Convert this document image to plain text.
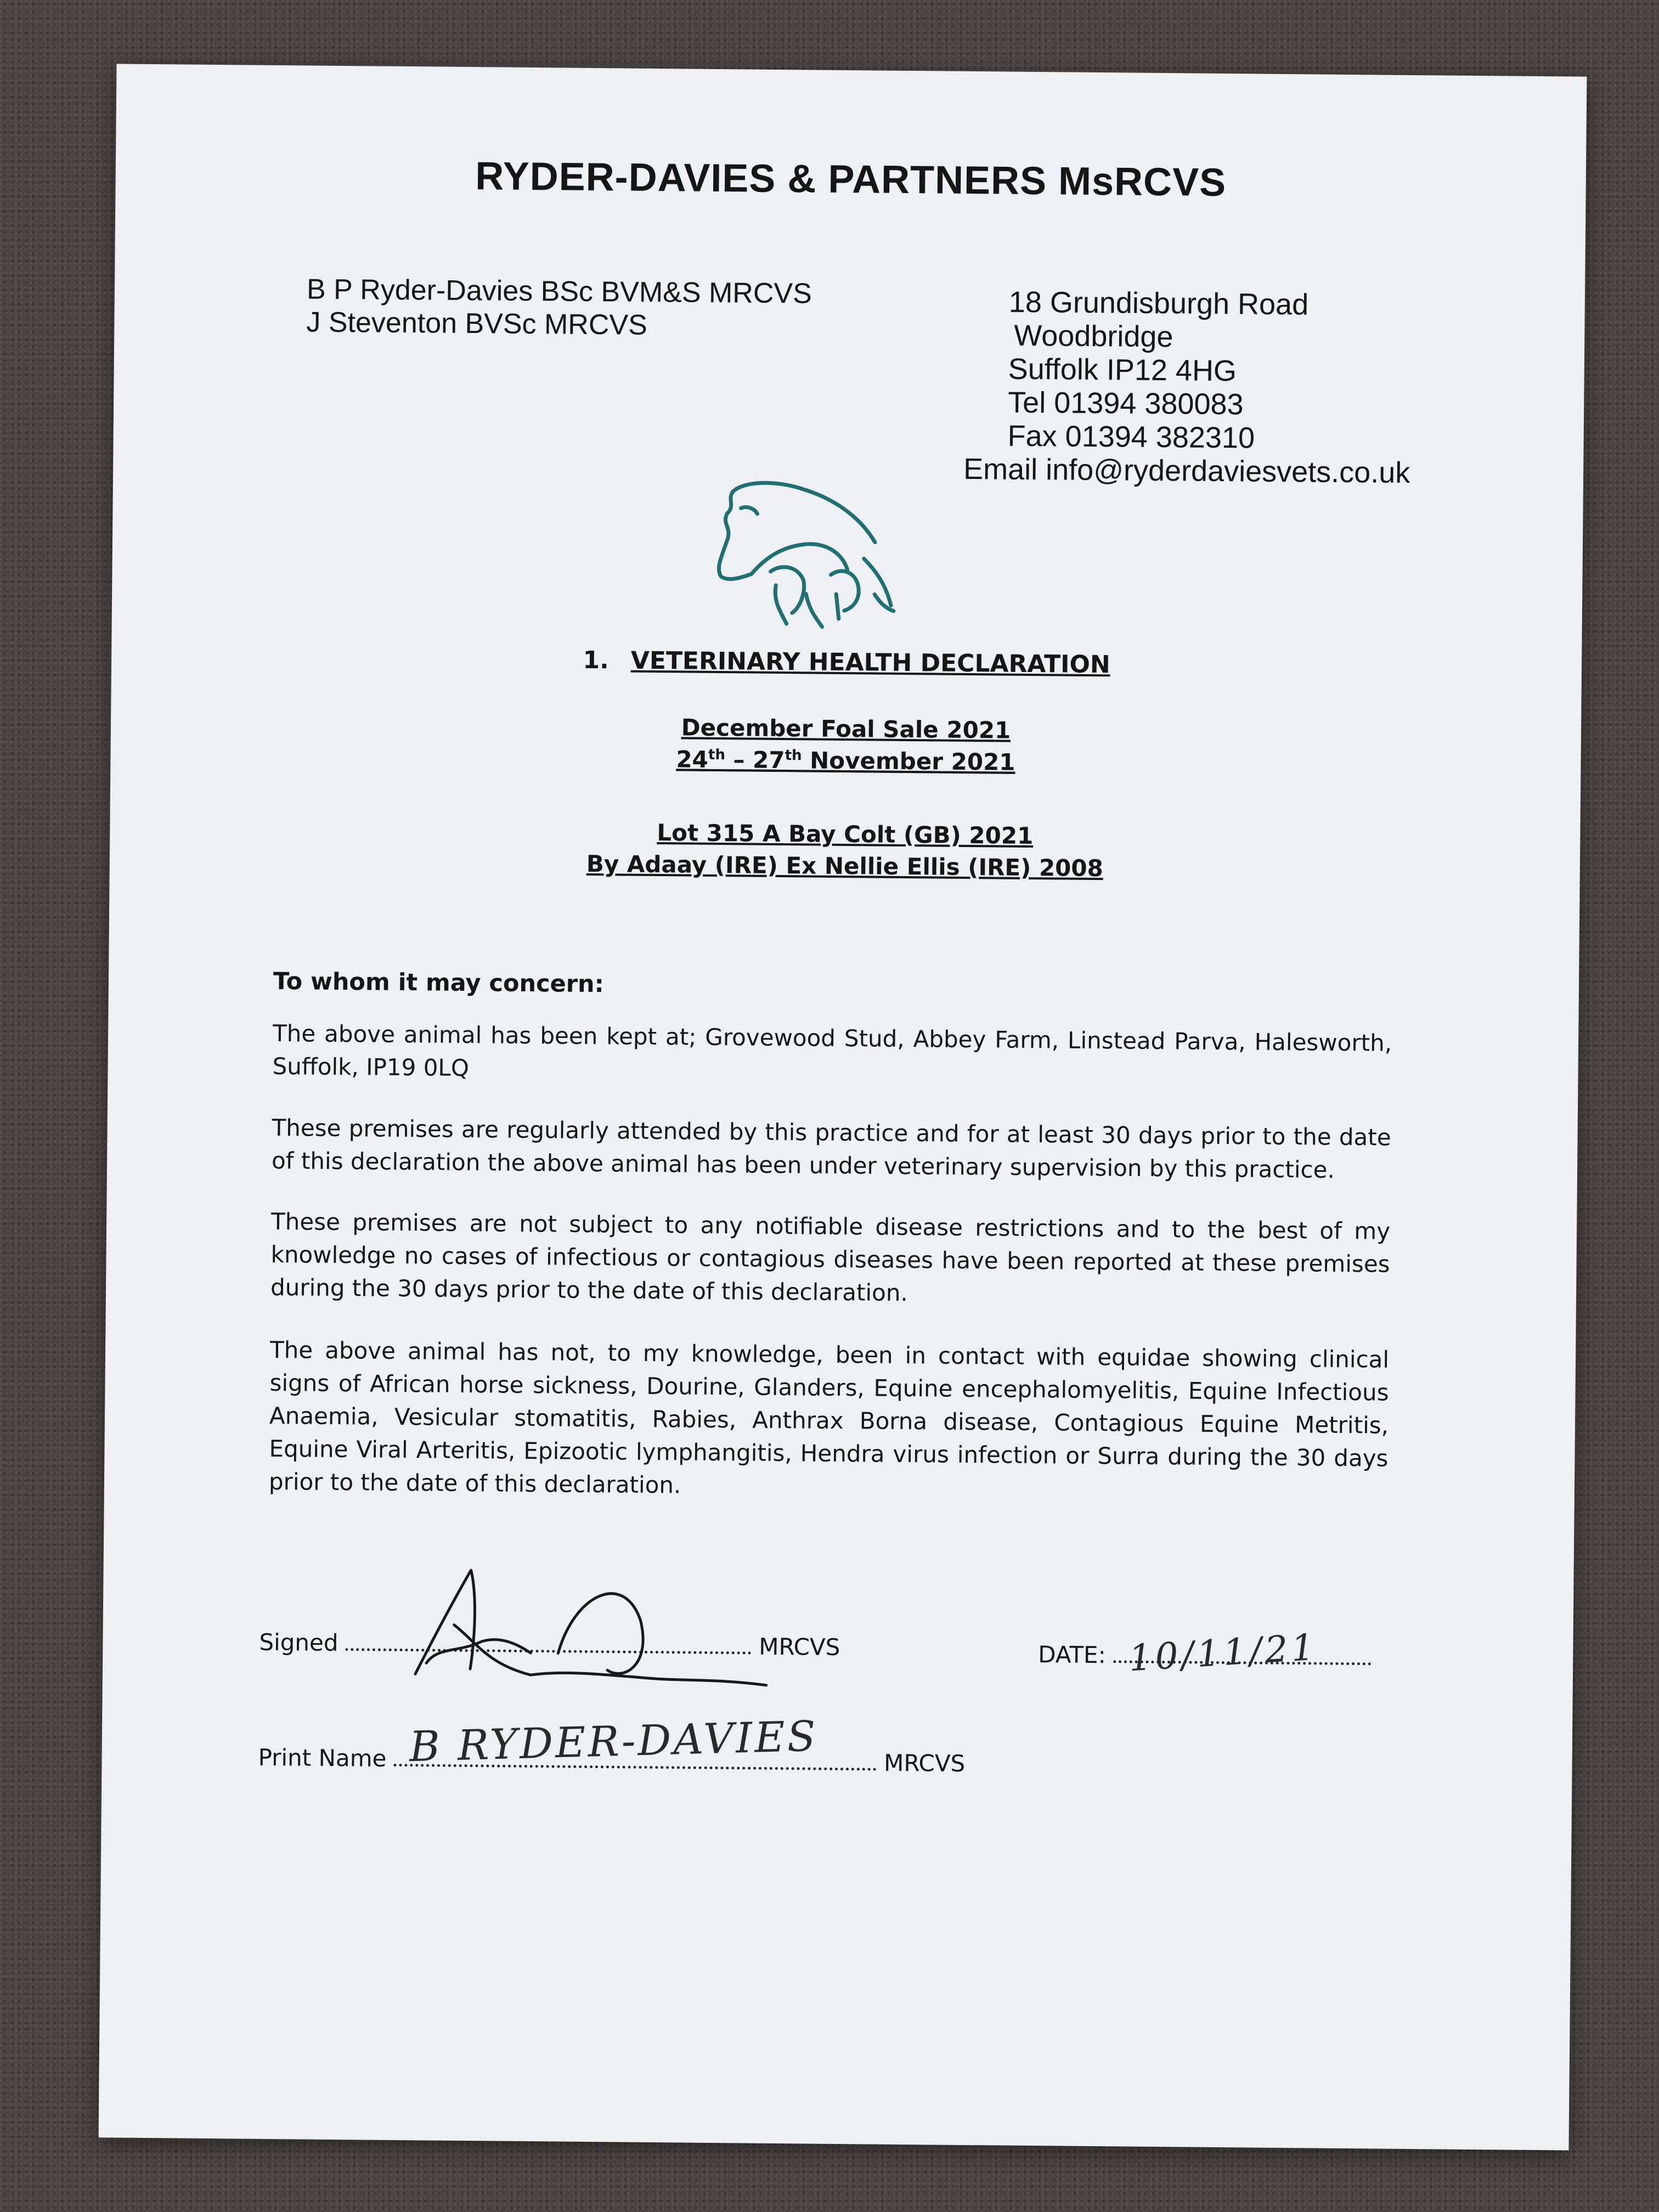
RYDER-DAVIES & PARTNERS MsRCVS
B P Ryder-Davies BSc BVM&S MRCVS
J Steventon BVSc MRCVS
18 Grundisburgh Road
Woodbridge
Suffolk IP12 4HG
Tel 01394 380083
Fax 01394 382310
Email info@ryderdaviesvets.co.uk
1. VETERINARY HEALTH DECLARATION
December Foal Sale 2021
24th – 27th November 2021
Lot 315 A Bay Colt (GB) 2021
By Adaay (IRE) Ex Nellie Ellis (IRE) 2008
To whom it may concern:
The above animal has been kept at; Grovewood Stud, Abbey Farm, Linstead Parva, Halesworth, Suffolk, IP19 0LQ
These premises are regularly attended by this practice and for at least 30 days prior to the date of this declaration the above animal has been under veterinary supervision by this practice.
These premises are not subject to any notifiable disease restrictions and to the best of my knowledge no cases of infectious or contagious diseases have been reported at these premises during the 30 days prior to the date of this declaration.
The above animal has not, to my knowledge, been in contact with equidae showing clinical signs of African horse sickness, Dourine, Glanders, Equine encephalomyelitis, Equine Infectious Anaemia, Vesicular stomatitis, Rabies, Anthrax Borna disease, Contagious Equine Metritis, Equine Viral Arteritis, Epizootic lymphangitis, Hendra virus infection or Surra during the 30 days prior to the date of this declaration.
Signed	MRCVS	DATE: 10/11/21
Print Name	MRCVS
B RYDER-DAVIES
